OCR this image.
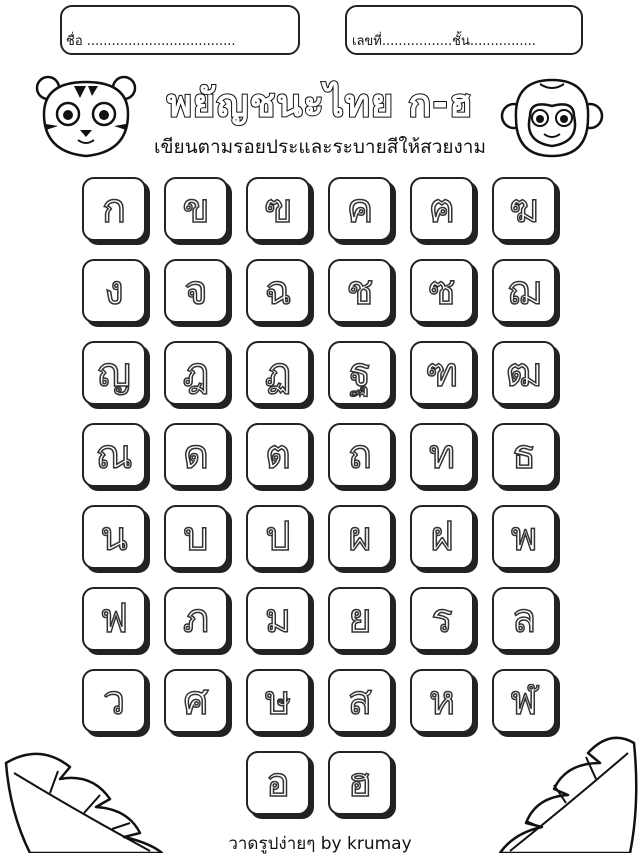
ชื่อ ....................................	เลขที่.................ชั้น................
พยัญชนะไทย ก-ฮ
เขียนตามรอยประและระบายสีให้สวยงาม
ก ข ฃ ค ฅ ฆ
ง จ ฉ ช ซ ฌ
ญ ฎ ฏ ฐ ฑ ฒ
ณ ด ต ถ ท ธ
น บ ป ผ ฝ พ
ฟ ภ ม ย ร ล
ว ศ ษ ส ห ฬ
อ ฮ
วาดรูปง่ายๆ by krumay
